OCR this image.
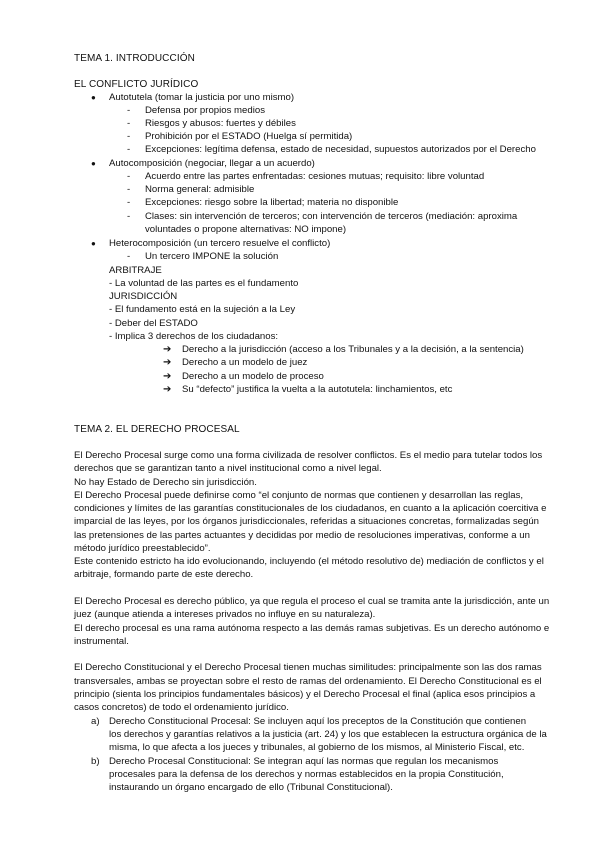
TEMA 1. INTRODUCCIÓN
EL CONFLICTO JURÍDICO
● Autotutela (tomar la justicia por uno mismo)
- Defensa por propios medios
- Riesgos y abusos: fuertes y débiles
- Prohibición por el ESTADO (Huelga sí permitida)
- Excepciones: legítima defensa, estado de necesidad, supuestos autorizados por el Derecho
● Autocomposición (negociar, llegar a un acuerdo)
- Acuerdo entre las partes enfrentadas: cesiones mutuas; requisito: libre voluntad
- Norma general: admisible
- Excepciones: riesgo sobre la libertad; materia no disponible
- Clases: sin intervención de terceros; con intervención de terceros (mediación: aproxima
voluntades o propone alternativas: NO impone)
● Heterocomposición (un tercero resuelve el conflicto)
- Un tercero IMPONE la solución
ARBITRAJE
- La voluntad de las partes es el fundamento
JURISDICCIÓN
- El fundamento está en la sujeción a la Ley
- Deber del ESTADO
- Implica 3 derechos de los ciudadanos:
➔ Derecho a la jurisdicción (acceso a los Tribunales y a la decisión, a la sentencia)
➔ Derecho a un modelo de juez
➔ Derecho a un modelo de proceso
➔ Su “defecto” justifica la vuelta a la autotutela: linchamientos, etc
TEMA 2. EL DERECHO PROCESAL
El Derecho Procesal surge como una forma civilizada de resolver conflictos. Es el medio para tutelar todos los
derechos que se garantizan tanto a nivel institucional como a nivel legal.
No hay Estado de Derecho sin jurisdicción.
El Derecho Procesal puede definirse como “el conjunto de normas que contienen y desarrollan las reglas,
condiciones y límites de las garantías constitucionales de los ciudadanos, en cuanto a la aplicación coercitiva e
imparcial de las leyes, por los órganos jurisdiccionales, referidas a situaciones concretas, formalizadas según
las pretensiones de las partes actuantes y decididas por medio de resoluciones imperativas, conforme a un
método jurídico preestablecido”.
Este contenido estricto ha ido evolucionando, incluyendo (el método resolutivo de) mediación de conflictos y el
arbitraje, formando parte de este derecho.
El Derecho Procesal es derecho público, ya que regula el proceso el cual se tramita ante la jurisdicción, ante un
juez (aunque atienda a intereses privados no influye en su naturaleza).
El derecho procesal es una rama autónoma respecto a las demás ramas subjetivas. Es un derecho autónomo e
instrumental.
El Derecho Constitucional y el Derecho Procesal tienen muchas similitudes: principalmente son las dos ramas
transversales, ambas se proyectan sobre el resto de ramas del ordenamiento. El Derecho Constitucional es el
principio (sienta los principios fundamentales básicos) y el Derecho Procesal el final (aplica esos principios a
casos concretos) de todo el ordenamiento jurídico.
a) Derecho Constitucional Procesal: Se incluyen aquí los preceptos de la Constitución que contienen
los derechos y garantías relativos a la justicia (art. 24) y los que establecen la estructura orgánica de la
misma, lo que afecta a los jueces y tribunales, al gobierno de los mismos, al Ministerio Fiscal, etc.
b) Derecho Procesal Constitucional: Se integran aquí las normas que regulan los mecanismos
procesales para la defensa de los derechos y normas establecidos en la propia Constitución,
instaurando un órgano encargado de ello (Tribunal Constitucional).
